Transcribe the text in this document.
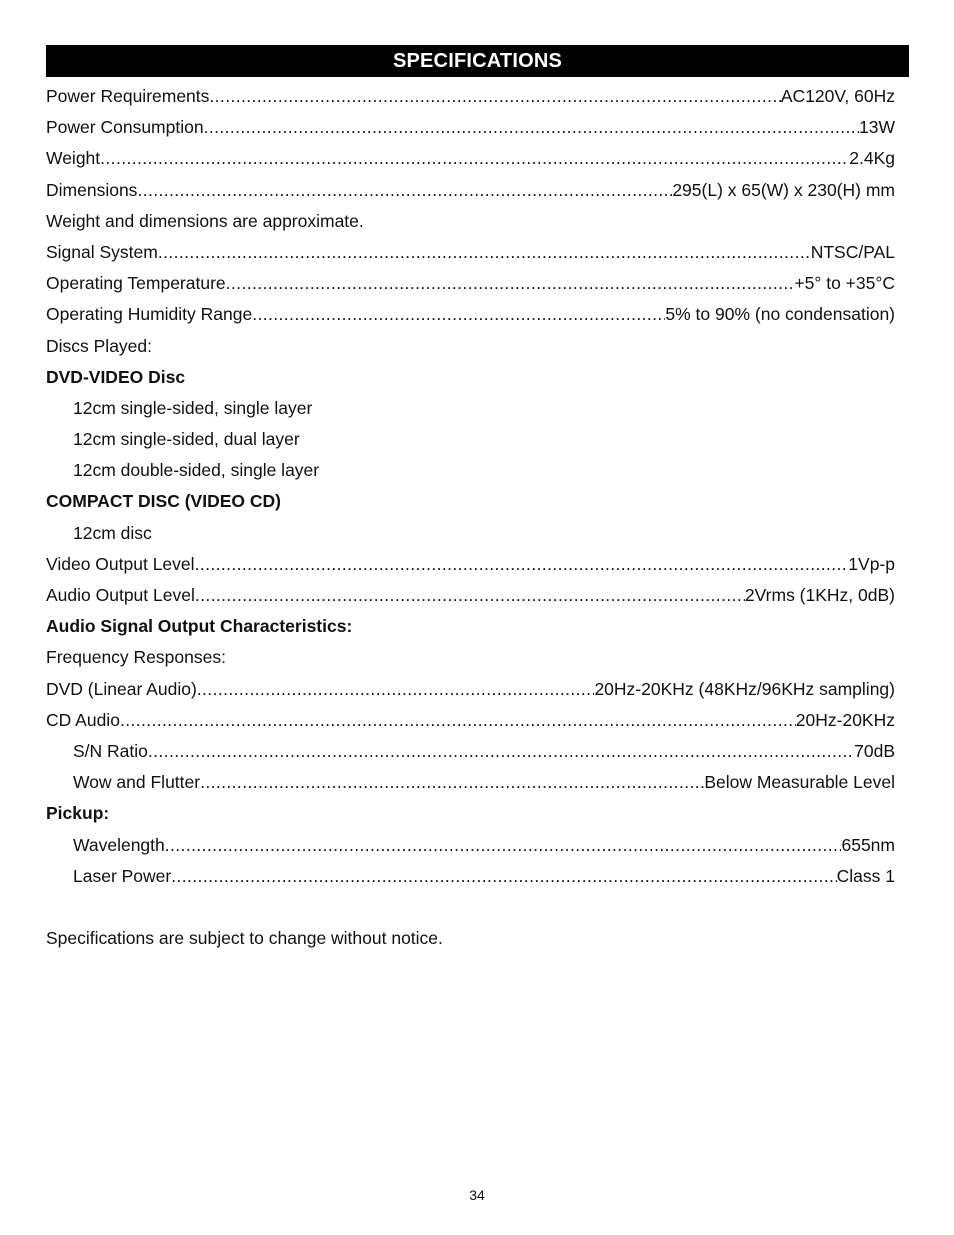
SPECIFICATIONS
Power Requirements .....	AC120V, 60Hz
Power Consumption .....	13W
Weight .....	2.4Kg
Dimensions .....	295(L) x 65(W) x 230(H) mm
Weight and dimensions are approximate.
Signal System .....	NTSC/PAL
Operating Temperature .....	+5° to +35°C
Operating Humidity Range .....	5% to 90% (no condensation)
Discs Played:
DVD-VIDEO Disc
12cm single-sided, single layer
12cm single-sided, dual layer
12cm double-sided, single layer
COMPACT DISC (VIDEO CD)
12cm disc
Video Output Level .....	1Vp-p
Audio Output Level .....	2Vrms (1KHz, 0dB)
Audio Signal Output Characteristics:
Frequency Responses:
DVD (Linear Audio) .....	20Hz-20KHz (48KHz/96KHz sampling)
CD Audio .....	20Hz-20KHz
S/N Ratio .....	70dB
Wow and Flutter .....	Below Measurable Level
Pickup:
Wavelength .....	655nm
Laser Power .....	Class 1
Specifications are subject to change without notice.
34
